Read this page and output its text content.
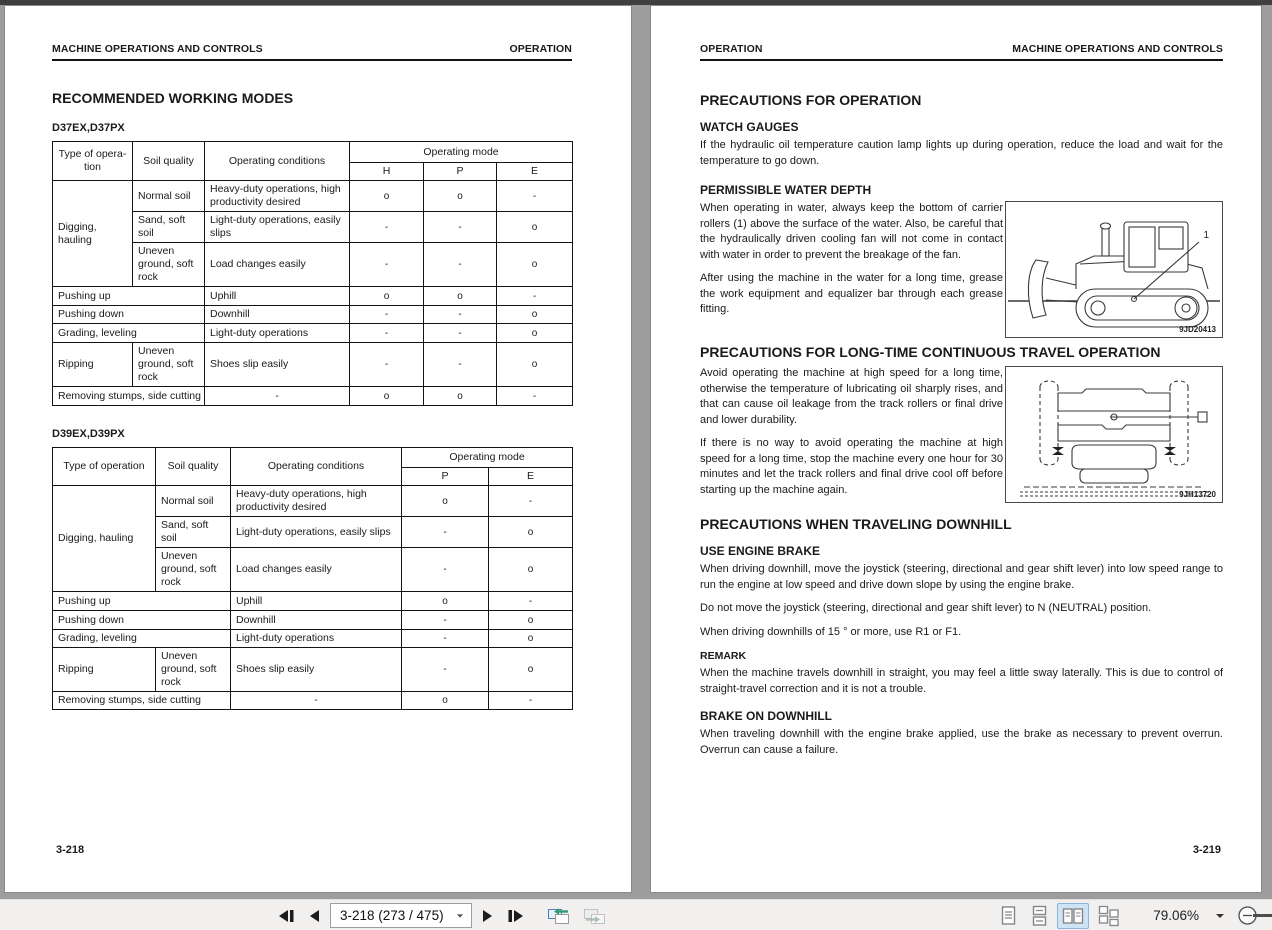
MACHINE OPERATIONS AND CONTROLS	OPERATION
RECOMMENDED WORKING MODES
D37EX,D37PX
Type of opera-tion	Soil quality	Operating conditions	Operating mode		
			H	P	E
Digging, hauling	Normal soil	Heavy-duty operations, high productivity desired	o	o	-
	Sand, soft soil	Light-duty operations, easily slips	-	-	o
	Uneven ground, soft rock	Load changes easily	-	-	o
Pushing up		Uphill	o	o	-
Pushing down		Downhill	-	-	o
Grading, leveling		Light-duty operations	-	-	o
Ripping	Uneven ground, soft rock	Shoes slip easily	-	-	o
Removing stumps, side cutting		-	o	o	-
D39EX,D39PX
Type of operation	Soil quality	Operating conditions	Operating mode	
			P	E
Digging, hauling	Normal soil	Heavy-duty operations, high productivity desired	o	-
	Sand, soft soil	Light-duty operations, easily slips	-	o
	Uneven ground, soft rock	Load changes easily	-	o
Pushing up		Uphill	o	-
Pushing down		Downhill	-	o
Grading, leveling		Light-duty operations	-	o
Ripping	Uneven ground, soft rock	Shoes slip easily	-	o
Removing stumps, side cutting		-	o	-
3-218
OPERATION	MACHINE OPERATIONS AND CONTROLS
PRECAUTIONS FOR OPERATION
WATCH GAUGES

If the hydraulic oil temperature caution lamp lights up during operation, reduce the load and wait for the temperature to go down.

PERMISSIBLE WATER DEPTH

When operating in water, always keep the bottom of carrier rollers (1) above the surface of the water. Also, be careful that the hydraulically driven cooling fan will not come in contact with water in order to prevent the breakage of the fan.

After using the machine in the water for a long time, grease the work equipment and equalizer bar through each grease fitting.

1
9JD20413
PRECAUTIONS FOR LONG-TIME CONTINUOUS TRAVEL OPERATION

Avoid operating the machine at high speed for a long time, otherwise the temperature of lubricating oil sharply rises, and that can cause oil leakage from the track rollers or final drive and lower durability.

If there is no way to avoid operating the machine at high speed for a long time, stop the machine every one hour for 30 minutes and let the track rollers and final drive cool off before starting up the machine again.	9JH13720
PRECAUTIONS WHEN TRAVELING DOWNHILL
USE ENGINE BRAKE

When driving downhill, move the joystick (steering, directional and gear shift lever) into low speed range to run the engine at low speed and drive down slope by using the engine brake.

Do not move the joystick (steering, directional and gear shift lever) to N (NEUTRAL) position.

When driving downhills of 15 ° or more, use R1 or F1.

REMARK

When the machine travels downhill in straight, you may feel a little sway laterally. This is due to control of straight-travel correction and it is not a trouble.

BRAKE ON DOWNHILL

When traveling downhill with the engine brake applied, use the brake as necessary to prevent overrun. Overrun can cause a failure.

3-219
3-218 (273 / 475)	79.06%
